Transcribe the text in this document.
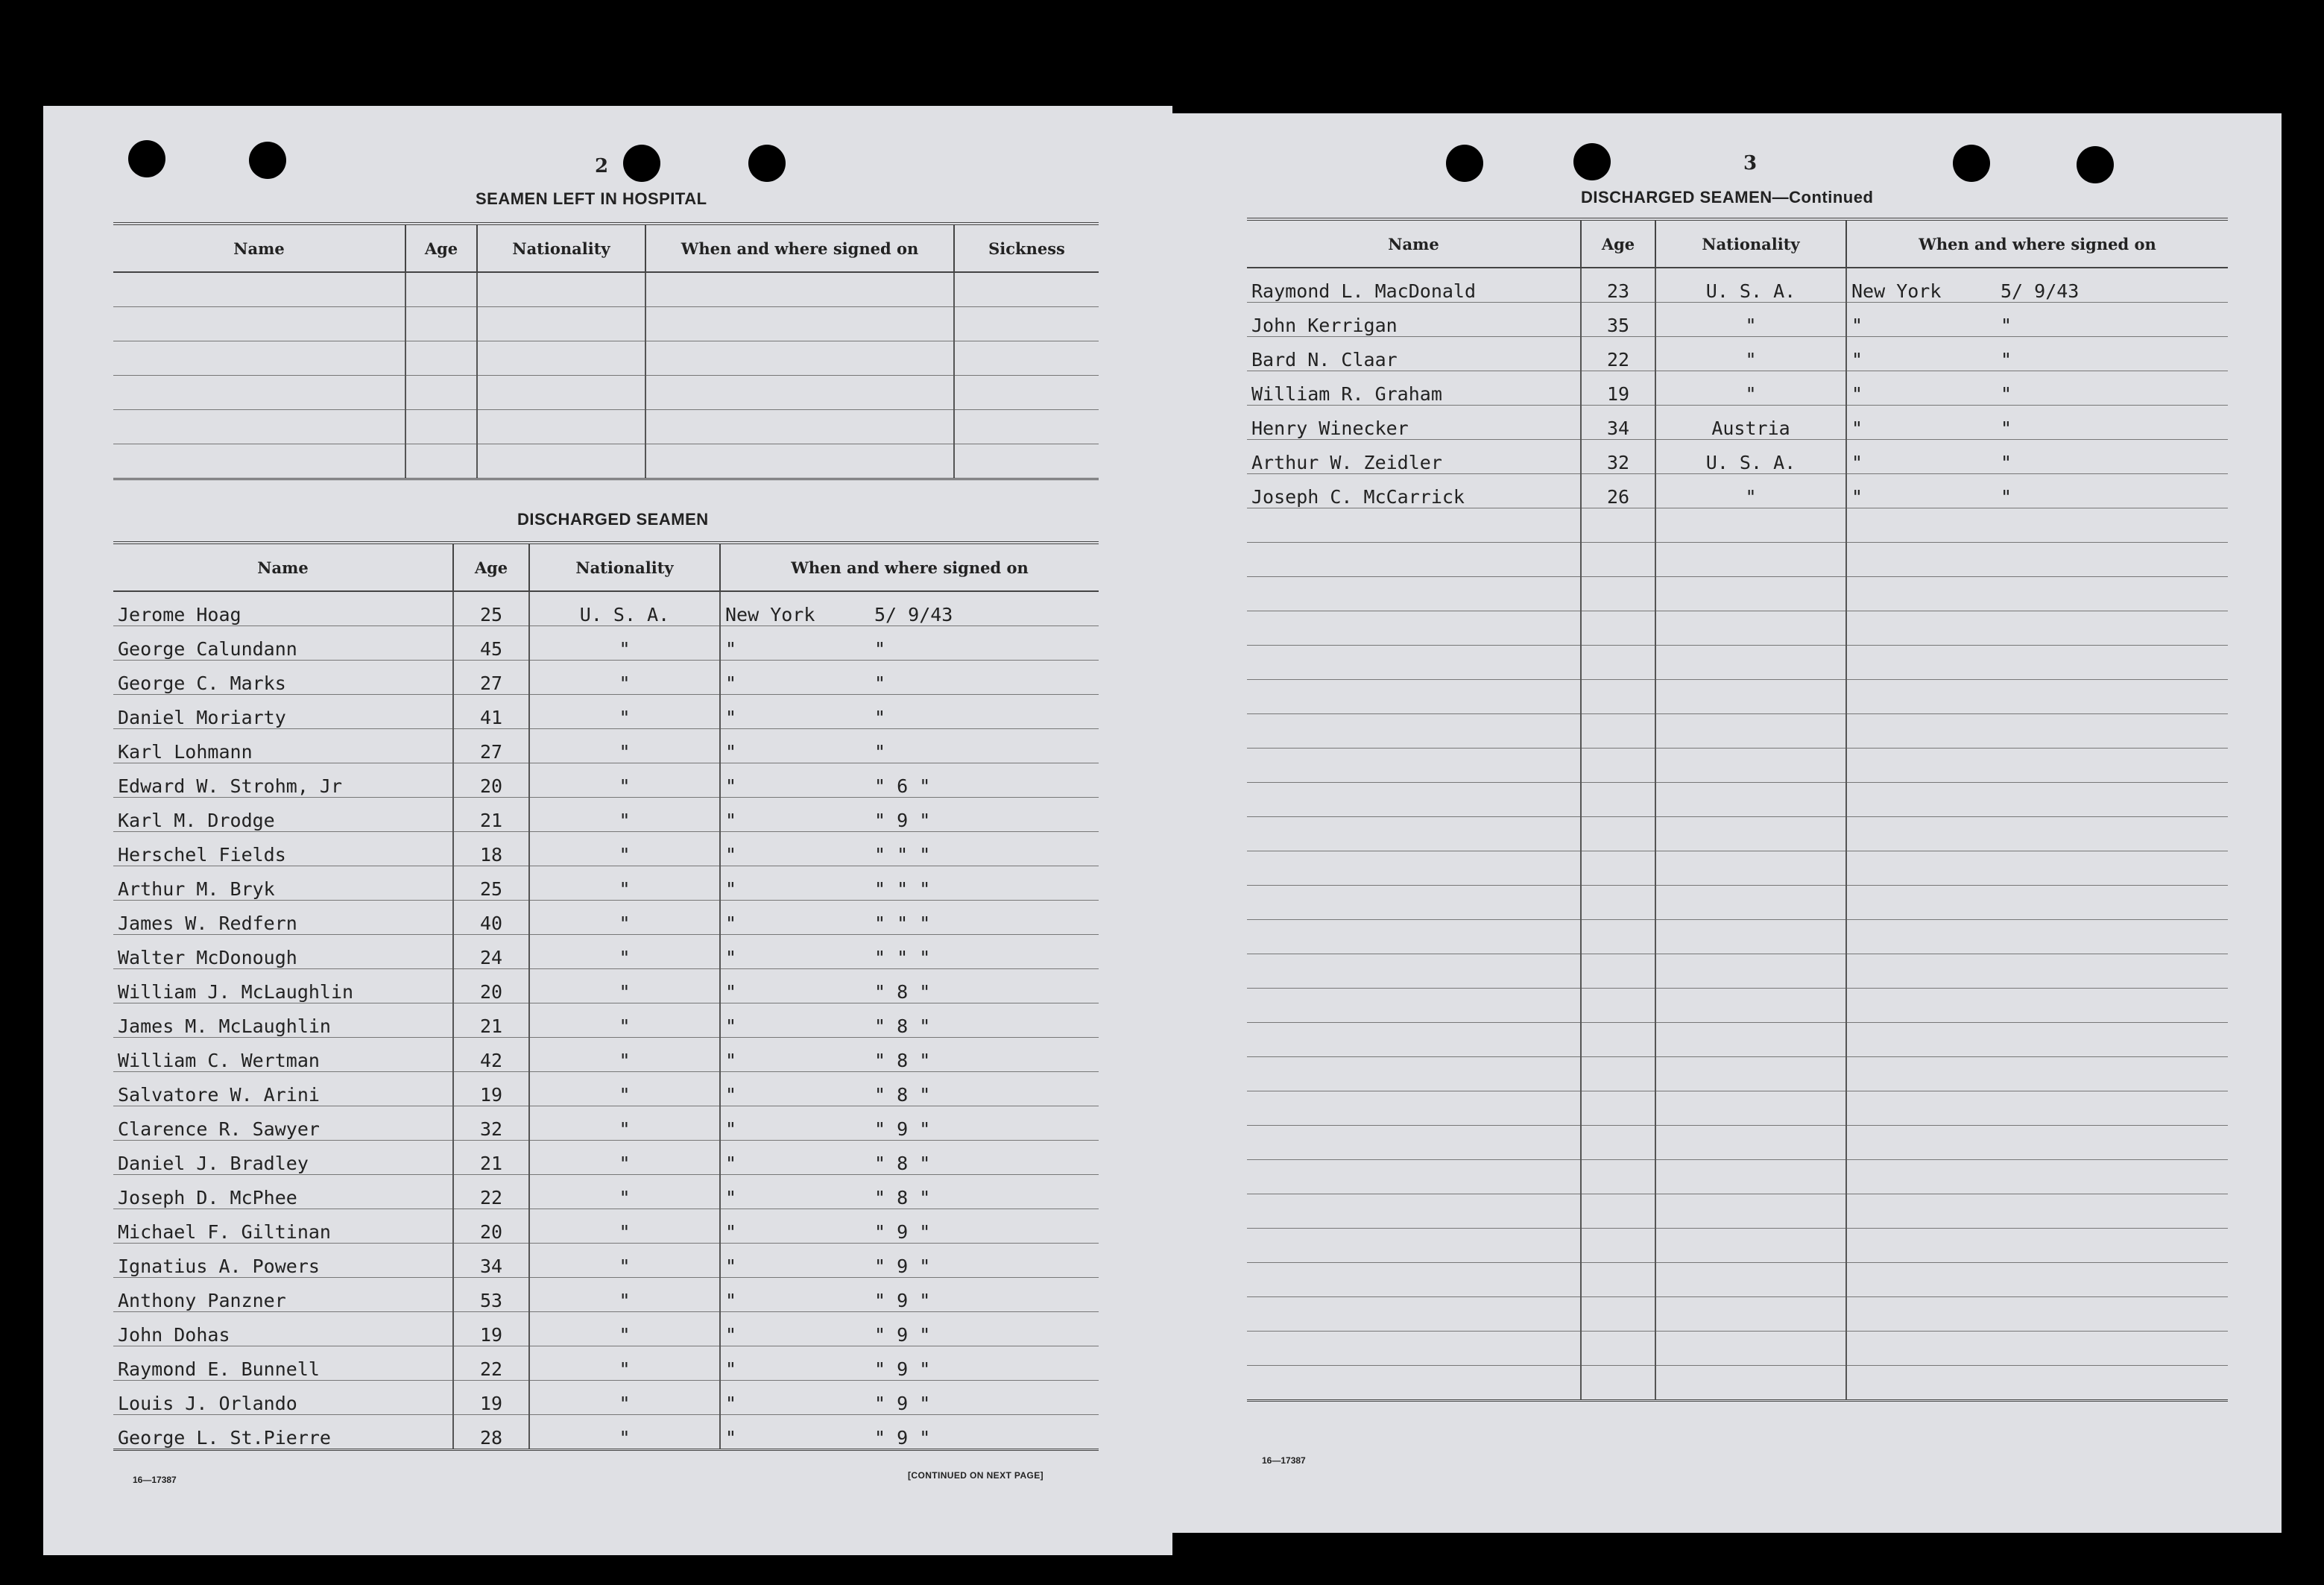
2
SEAMEN LEFT IN HOSPITAL
Name	Age	Nationality	When and where signed on	Sickness

DISCHARGED SEAMEN
Name	Age	Nationality	When and where signed on
Jerome Hoag	25	U. S. A.	New York 5/ 9/43
George Calundann	45	"	" "
George C. Marks	27	"	" "
Daniel Moriarty	41	"	" "
Karl Lohmann	27	"	" "
Edward W. Strohm, Jr	20	"	" " 6 "
Karl M. Drodge	21	"	" " 9 "
Herschel Fields	18	"	" " " "
Arthur M. Bryk	25	"	" " " "
James W. Redfern	40	"	" " " "
Walter McDonough	24	"	" " " "
William J. McLaughlin	20	"	" " 8 "
James M. McLaughlin	21	"	" " 8 "
William C. Wertman	42	"	" " 8 "
Salvatore W. Arini	19	"	" " 8 "
Clarence R. Sawyer	32	"	" " 9 "
Daniel J. Bradley	21	"	" " 8 "
Joseph D. McPhee	22	"	" " 8 "
Michael F. Giltinan	20	"	" " 9 "
Ignatius A. Powers	34	"	" " 9 "
Anthony Panzner	53	"	" " 9 "
John Dohas	19	"	" " 9 "
Raymond E. Bunnell	22	"	" " 9 "
Louis J. Orlando	19	"	" " 9 "
George L. St.Pierre	28	"	" " 9 "
16—17387	[CONTINUED ON NEXT PAGE]
3
DISCHARGED SEAMEN—Continued
Name	Age	Nationality	When and where signed on
Raymond L. MacDonald	23	U. S. A.	New York 5/ 9/43
John Kerrigan	35	"	" "
Bard N. Claar	22	"	" "
William R. Graham	19	"	" "
Henry Winecker	34	Austria	" "
Arthur W. Zeidler	32	U. S. A.	" "
Joseph C. McCarrick	26	"	" "

16—17387
